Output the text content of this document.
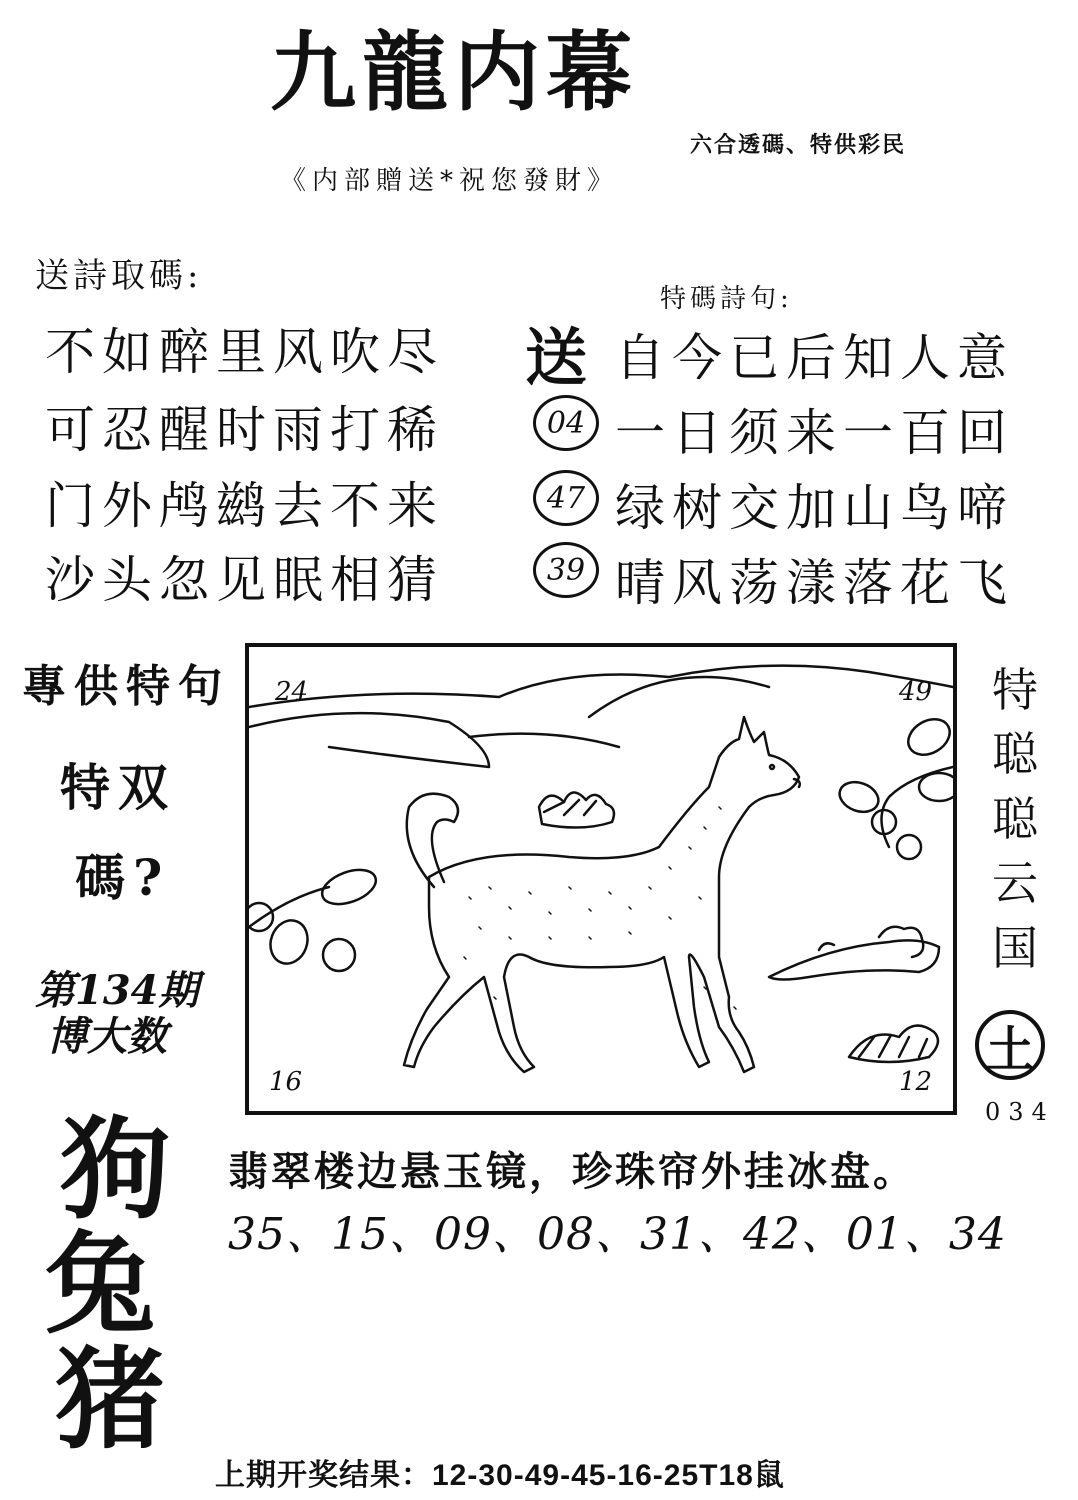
九龍内幕
六合透碼、特供彩民
《内部贈送*祝您發財》
送詩取碼:
特碼詩句:
不如醉里风吹尽
可忍醒时雨打稀
门外鸬鹚去不来
沙头忽见眠相猜
送
04
47
39
自今已后知人意
一日须来一百回
绿树交加山鸟啼
晴风荡漾落花飞
專供特句
特双
碼?
第134期
博大数
24	49
16	12
特
聪
聪
云
国
土
034
狗
兔
猪
翡翠楼边悬玉镜，珍珠帘外挂冰盘。
35、15、09、08、31、42、01、34
上期开奖结果：12-30-49-45-16-25T18鼠
